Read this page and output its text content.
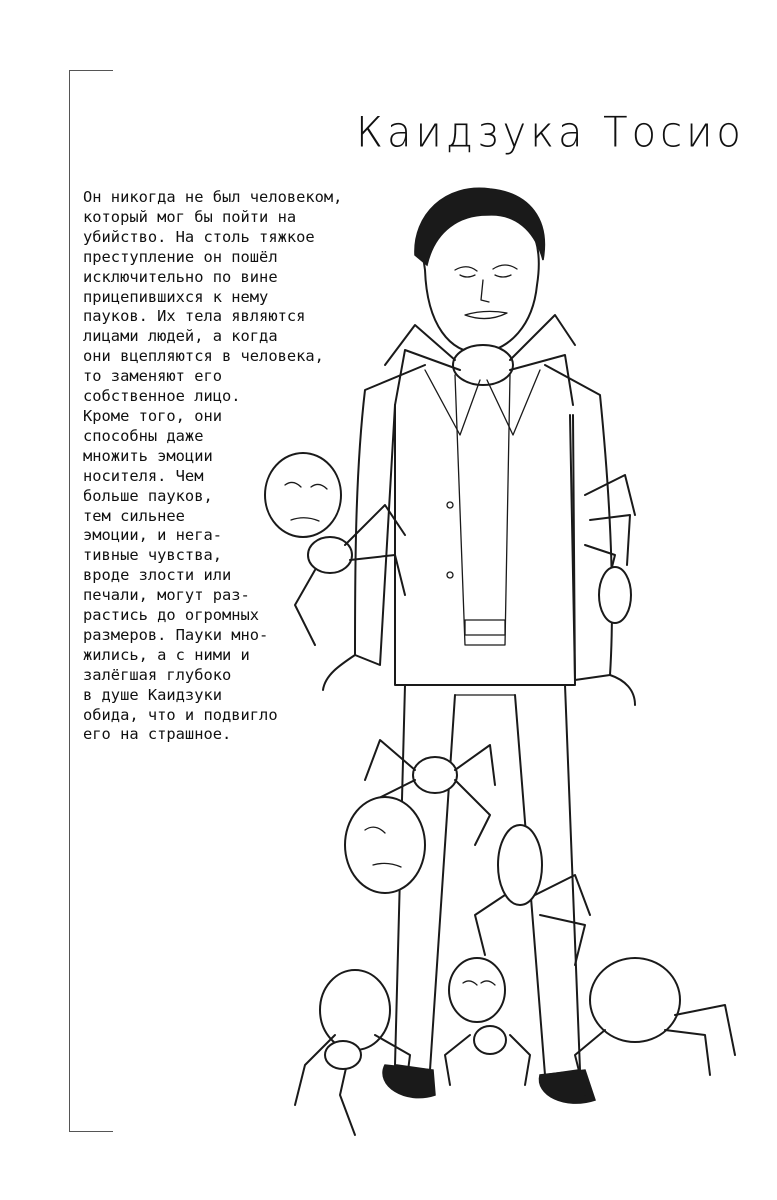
Каидзука Тосио
Он никогда не был человеком,
который мог бы пойти на
убийство. На столь тяжкое
преступление он пошёл
исключительно по вине
прицепившихся к нему
пауков. Их тела являются
лицами людей, а когда
они вцепляются в человека,
то заменяют его
собственное лицо.
Кроме того, они
способны даже
множить эмоции
носителя. Чем
больше пауков,
тем сильнее
эмоции, и нега-
тивные чувства,
вроде злости или
печали, могут раз-
растись до огромных
размеров. Пауки мно-
жились, а с ними и
залёгшая глубоко
в душе Каидзуки
обида, что и подвигло
его на страшное.
